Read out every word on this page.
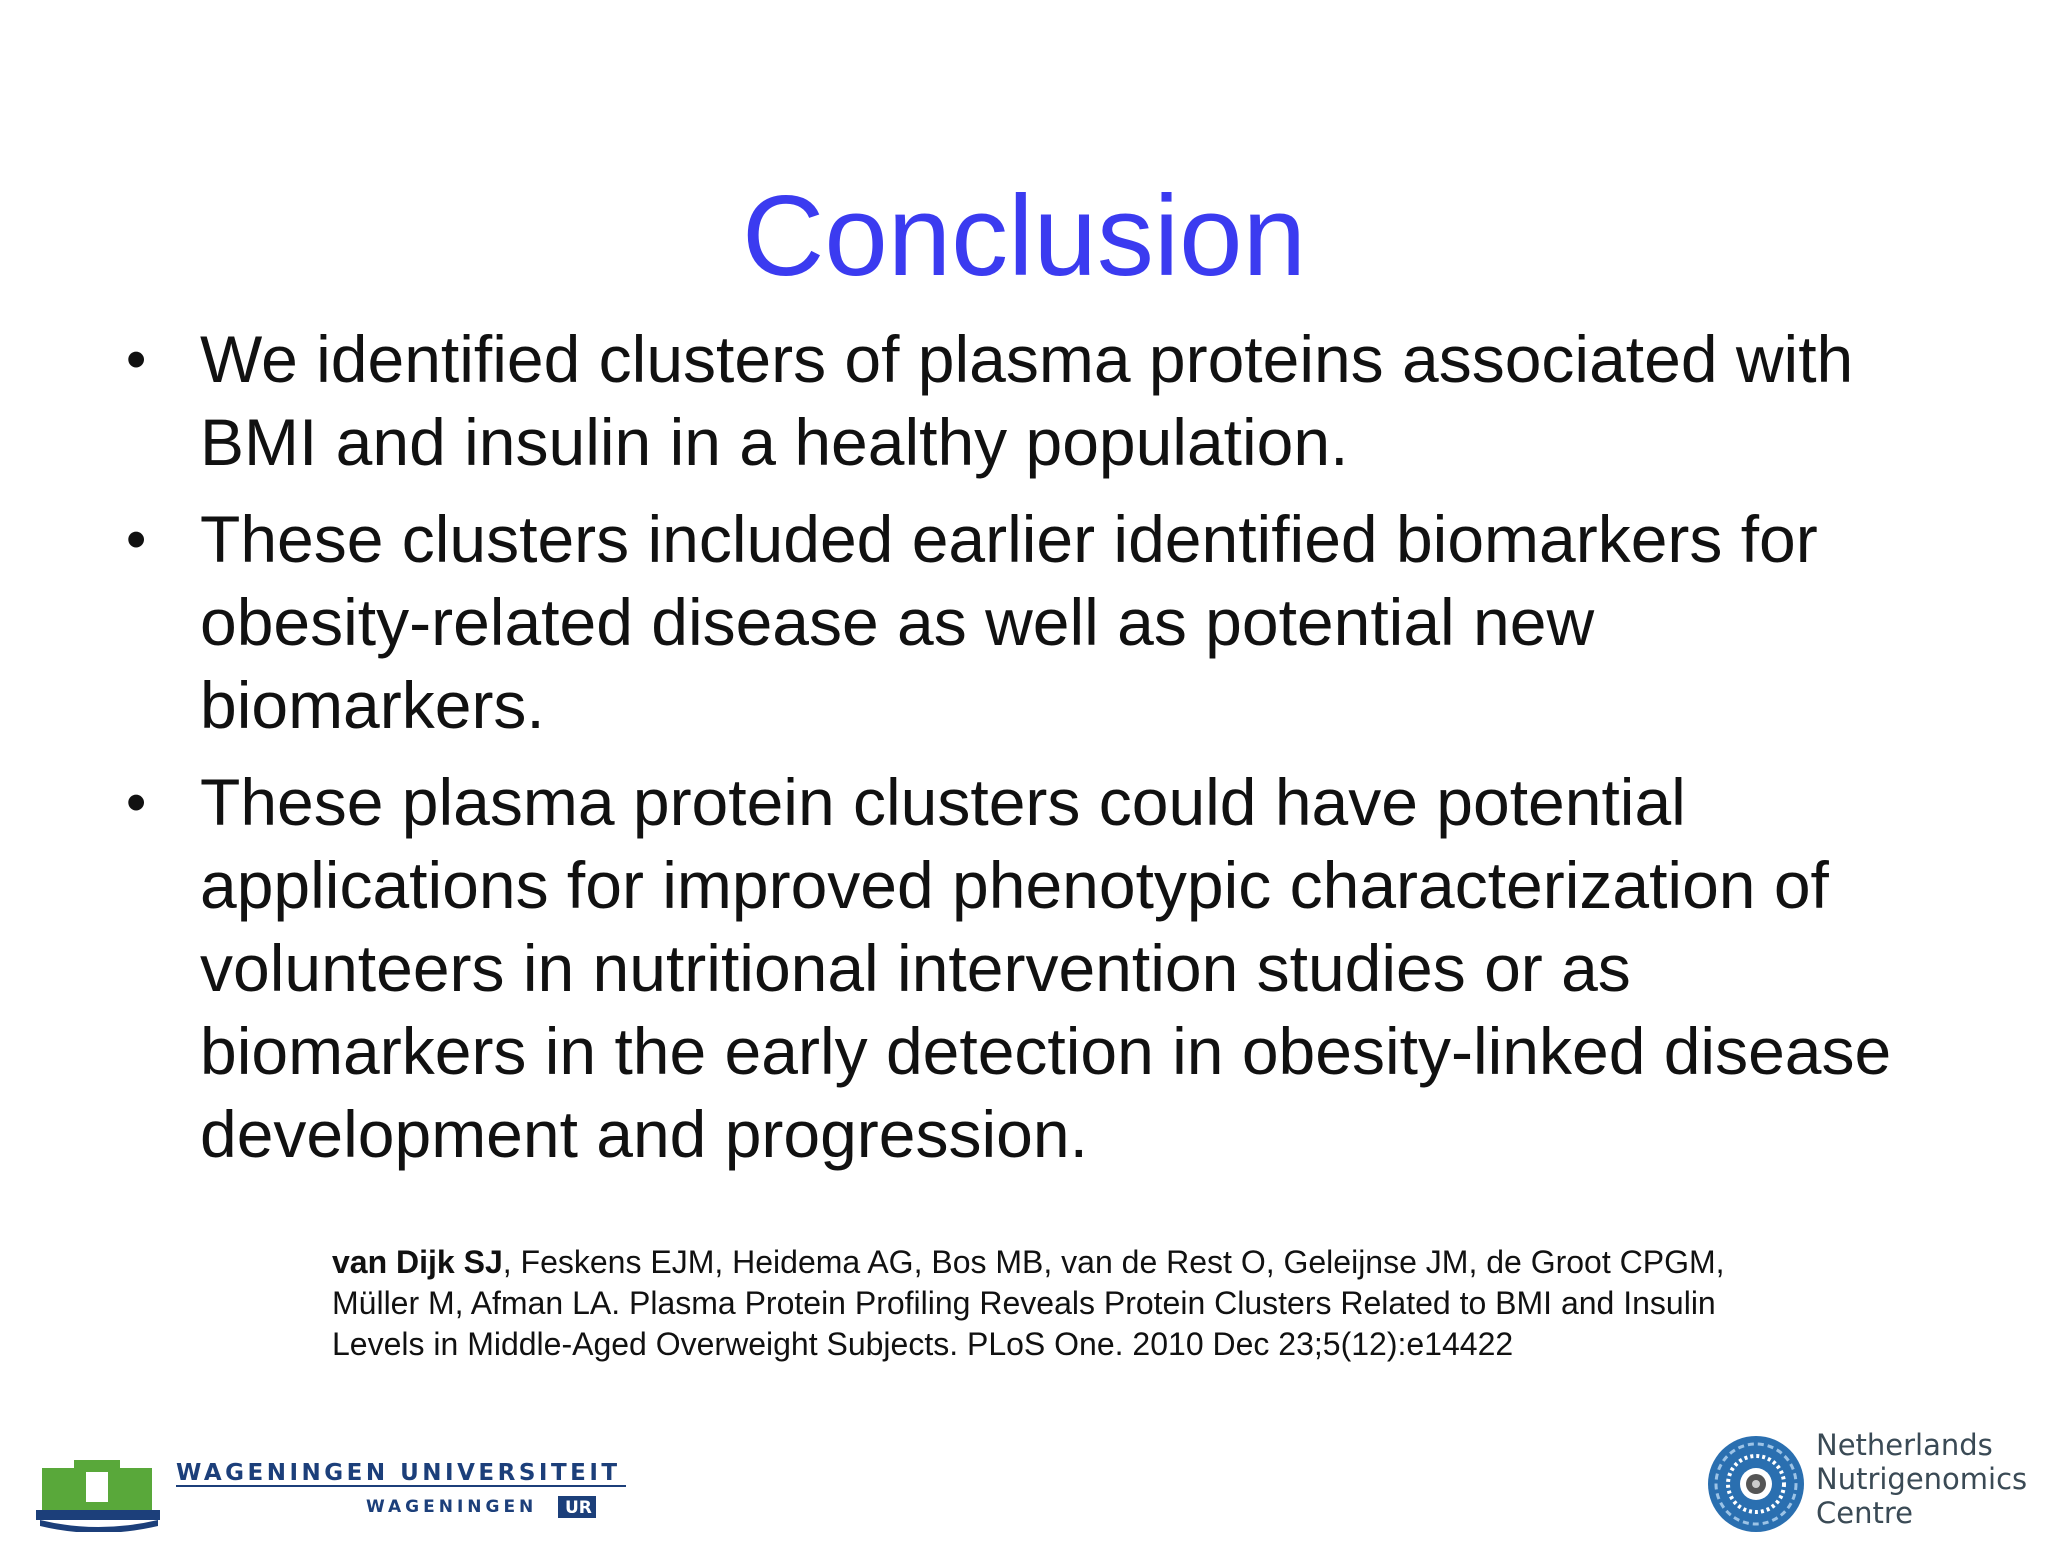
Conclusion
• We identified clusters of plasma proteins associated with BMI and insulin in a healthy population.
• These clusters included earlier identified biomarkers for obesity-related disease as well as potential new biomarkers.
• These plasma protein clusters could have potential applications for improved phenotypic characterization of volunteers in nutritional intervention studies or as biomarkers in the early detection in obesity-linked disease development and progression.
van Dijk SJ, Feskens EJM, Heidema AG, Bos MB, van de Rest O, Geleijnse JM, de Groot CPGM, Müller M, Afman LA. Plasma Protein Profiling Reveals Protein Clusters Related to BMI and Insulin Levels in Middle-Aged Overweight Subjects. PLoS One. 2010 Dec 23;5(12):e14422
WAGENINGEN UNIVERSITEIT
WAGENINGEN UR
Netherlands
Nutrigenomics
Centre
